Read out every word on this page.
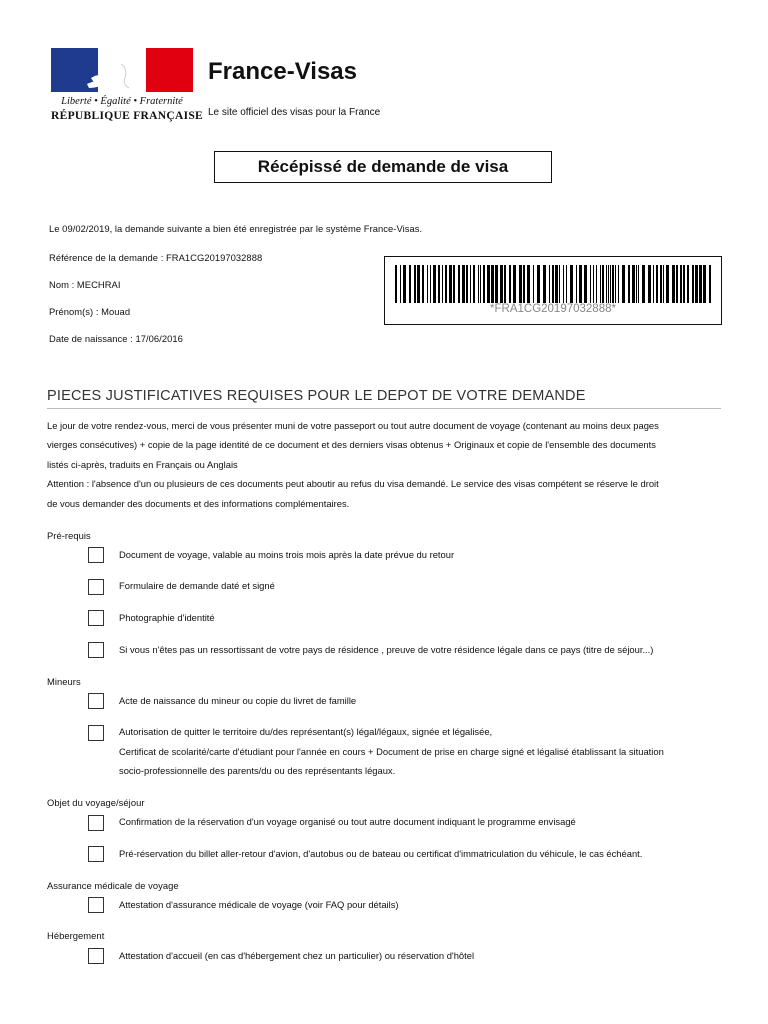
Liberté • Égalité • Fraternité
RÉPUBLIQUE FRANÇAISE
France-Visas
Le site officiel des visas pour la France
Récépissé de demande de visa
Le 09/02/2019, la demande suivante a bien été enregistrée par le système France-Visas.
Référence de la demande : FRA1CG20197032888
Nom : MECHRAI
Prénom(s) : Mouad
Date de naissance : 17/06/2016
*FRA1CG20197032888*
PIECES JUSTIFICATIVES REQUISES POUR LE DEPOT DE VOTRE DEMANDE
Le jour de votre rendez-vous, merci de vous présenter muni de votre passeport ou tout autre document de voyage (contenant au moins deux pages
vierges consécutives) + copie de la page identité de ce document et des derniers visas obtenus + Originaux et copie de l'ensemble des documents
listés ci-après, traduits en Français ou Anglais
Attention : l'absence d'un ou plusieurs de ces documents peut aboutir au refus du visa demandé. Le service des visas compétent se réserve le droit
de vous demander des documents et des informations complémentaires.
Pré-requis
Document de voyage, valable au moins trois mois après la date prévue du retour
Formulaire de demande daté et signé
Photographie d'identité
Si vous n'êtes pas un ressortissant de votre pays de résidence , preuve de votre résidence légale dans ce pays (titre de séjour...)
Mineurs
Acte de naissance du mineur ou copie du livret de famille
Autorisation de quitter le territoire du/des représentant(s) légal/légaux, signée et légalisée,
Certificat de scolarité/carte d'étudiant pour l'année en cours + Document de prise en charge signé et légalisé établissant la situation
socio-professionnelle des parents/du ou des représentants légaux.
Objet du voyage/séjour
Confirmation de la réservation d'un voyage organisé ou tout autre document indiquant le programme envisagé
Pré-réservation du billet aller-retour d'avion, d'autobus ou de bateau ou certificat d'immatriculation du véhicule, le cas échéant.
Assurance médicale de voyage
Attestation d'assurance médicale de voyage (voir FAQ pour détails)
Hébergement
Attestation d'accueil (en cas d'hébergement chez un particulier) ou réservation d'hôtel
